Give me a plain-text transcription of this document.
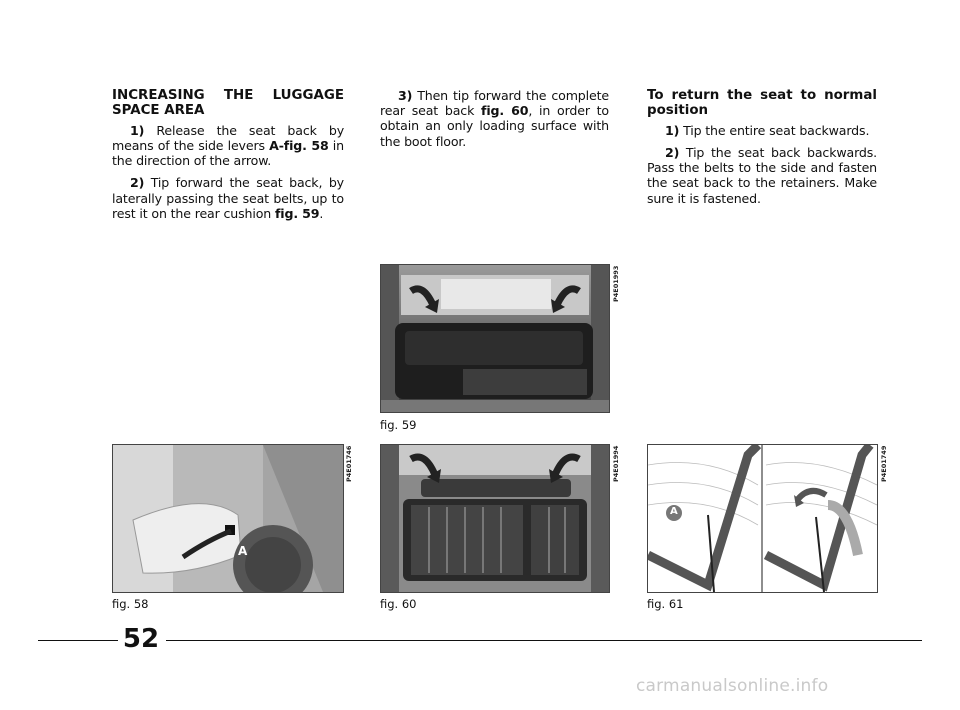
INCREASING THE LUGGAGE SPACE AREA

1) Release the seat back by means of the side levers A-fig. 58 in the direction of the arrow.

2) Tip forward the seat back, by laterally passing the seat belts, up to rest it on the rear cushion fig. 59.

3) Then tip forward the complete rear seat back fig. 60, in order to obtain an only loading surface with the boot floor.

To return the seat to normal position

1) Tip the entire seat backwards.

2) Tip the seat back backwards. Pass the belts to the side and fasten the seat back to the retainers. Make sure it is fastened.

P4E01993
fig. 59
A
P4E01746
fig. 58
P4E01994
fig. 60
A
P4E01749
fig. 61
52
carmanualsonline.info
